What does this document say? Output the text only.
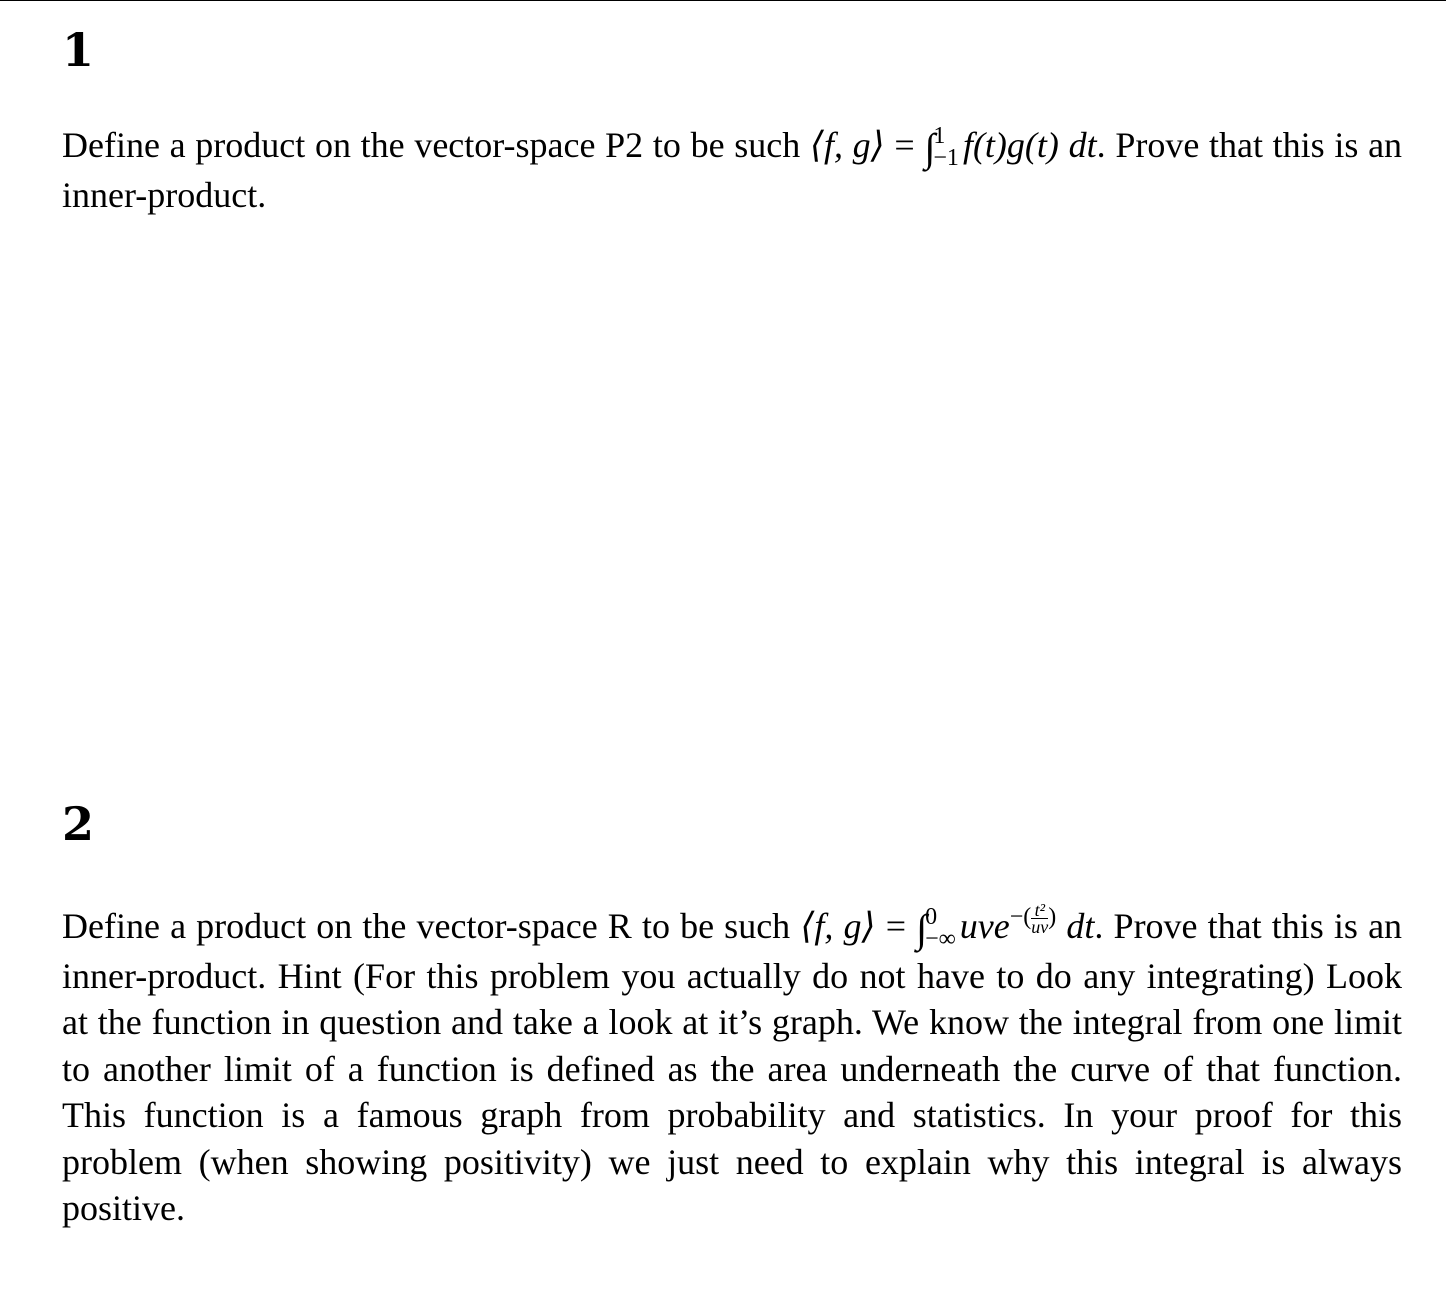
1

Define a product on the vector-space P2 to be such ⟨f, g⟩ = ∫
1
−1 f(t)g(t) dt. Prove that this is an inner-product.

2

Define a product on the vector-space R to be such ⟨f, g⟩ = ∫
0
−∞ uve$^{-( \frac{\text{t²}}{uv} )}$ dt. Prove that this is an inner-product. Hint (For this problem you actually do not have to do any integrating) Look at the function in question and take a look at it’s graph. We know the integral from one limit to another limit of a function is defined as the area underneath the curve of that function. This function is a famous graph from probability and statistics. In your proof for this problem (when showing positivity) we just need to explain why this integral is always positive.
